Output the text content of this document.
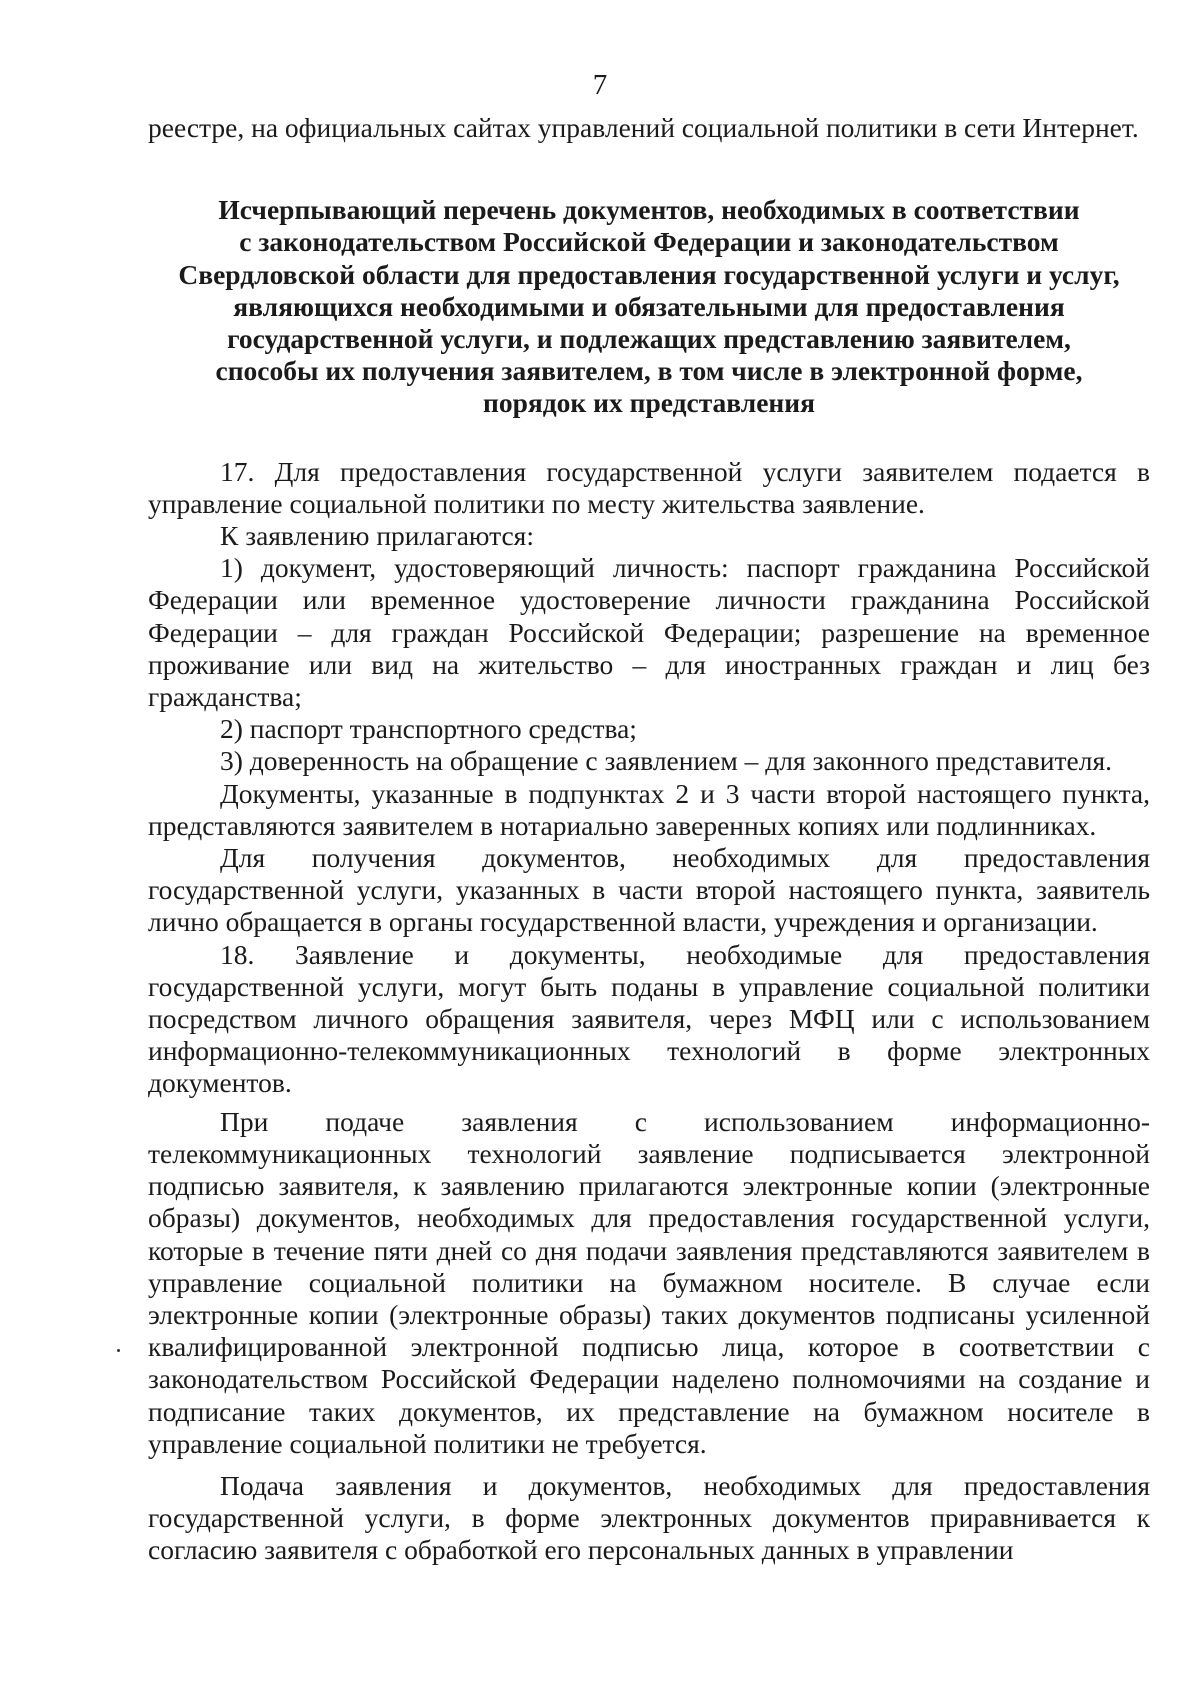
7

реестре, на официальных сайтах управлений социальной политики в сети Интернет.

Исчерпывающий перечень документов, необходимых в соответствии
с законодательством Российской Федерации и законодательством
Свердловской области для предоставления государственной услуги и услуг,
являющихся необходимыми и обязательными для предоставления
государственной услуги, и подлежащих представлению заявителем,
способы их получения заявителем, в том числе в электронной форме,
порядок их представления

17. Для предоставления государственной услуги заявителем подается в управление социальной политики по месту жительства заявление.

К заявлению прилагаются:

1) документ, удостоверяющий личность: паспорт гражданина Российской Федерации или временное удостоверение личности гражданина Российской Федерации – для граждан Российской Федерации; разрешение на временное проживание или вид на жительство – для иностранных граждан и лиц без гражданства;

2) паспорт транспортного средства;

3) доверенность на обращение с заявлением – для законного представителя.

Документы, указанные в подпунктах 2 и 3 части второй настоящего пункта, представляются заявителем в нотариально заверенных копиях или подлинниках.

Для получения документов, необходимых для предоставления государственной услуги, указанных в части второй настоящего пункта, заявитель лично обращается в органы государственной власти, учреждения и организации.

18. Заявление и документы, необходимые для предоставления государственной услуги, могут быть поданы в управление социальной политики посредством личного обращения заявителя, через МФЦ или с использованием информационно-телекоммуникационных технологий в форме электронных документов.

При подаче заявления с использованием информационно-телекоммуникационных технологий заявление подписывается электронной подписью заявителя, к заявлению прилагаются электронные копии (электронные образы) документов, необходимых для предоставления государственной услуги, которые в течение пяти дней со дня подачи заявления представляются заявителем в управление социальной политики на бумажном носителе. В случае если электронные копии (электронные образы) таких документов подписаны усиленной квалифицированной электронной подписью лица, которое в соответствии с законодательством Российской Федерации наделено полномочиями на создание и подписание таких документов, их представление на бумажном носителе в управление социальной политики не требуется.

Подача заявления и документов, необходимых для предоставления государственной услуги, в форме электронных документов приравнивается к согласию заявителя с обработкой его персональных данных в управлении
